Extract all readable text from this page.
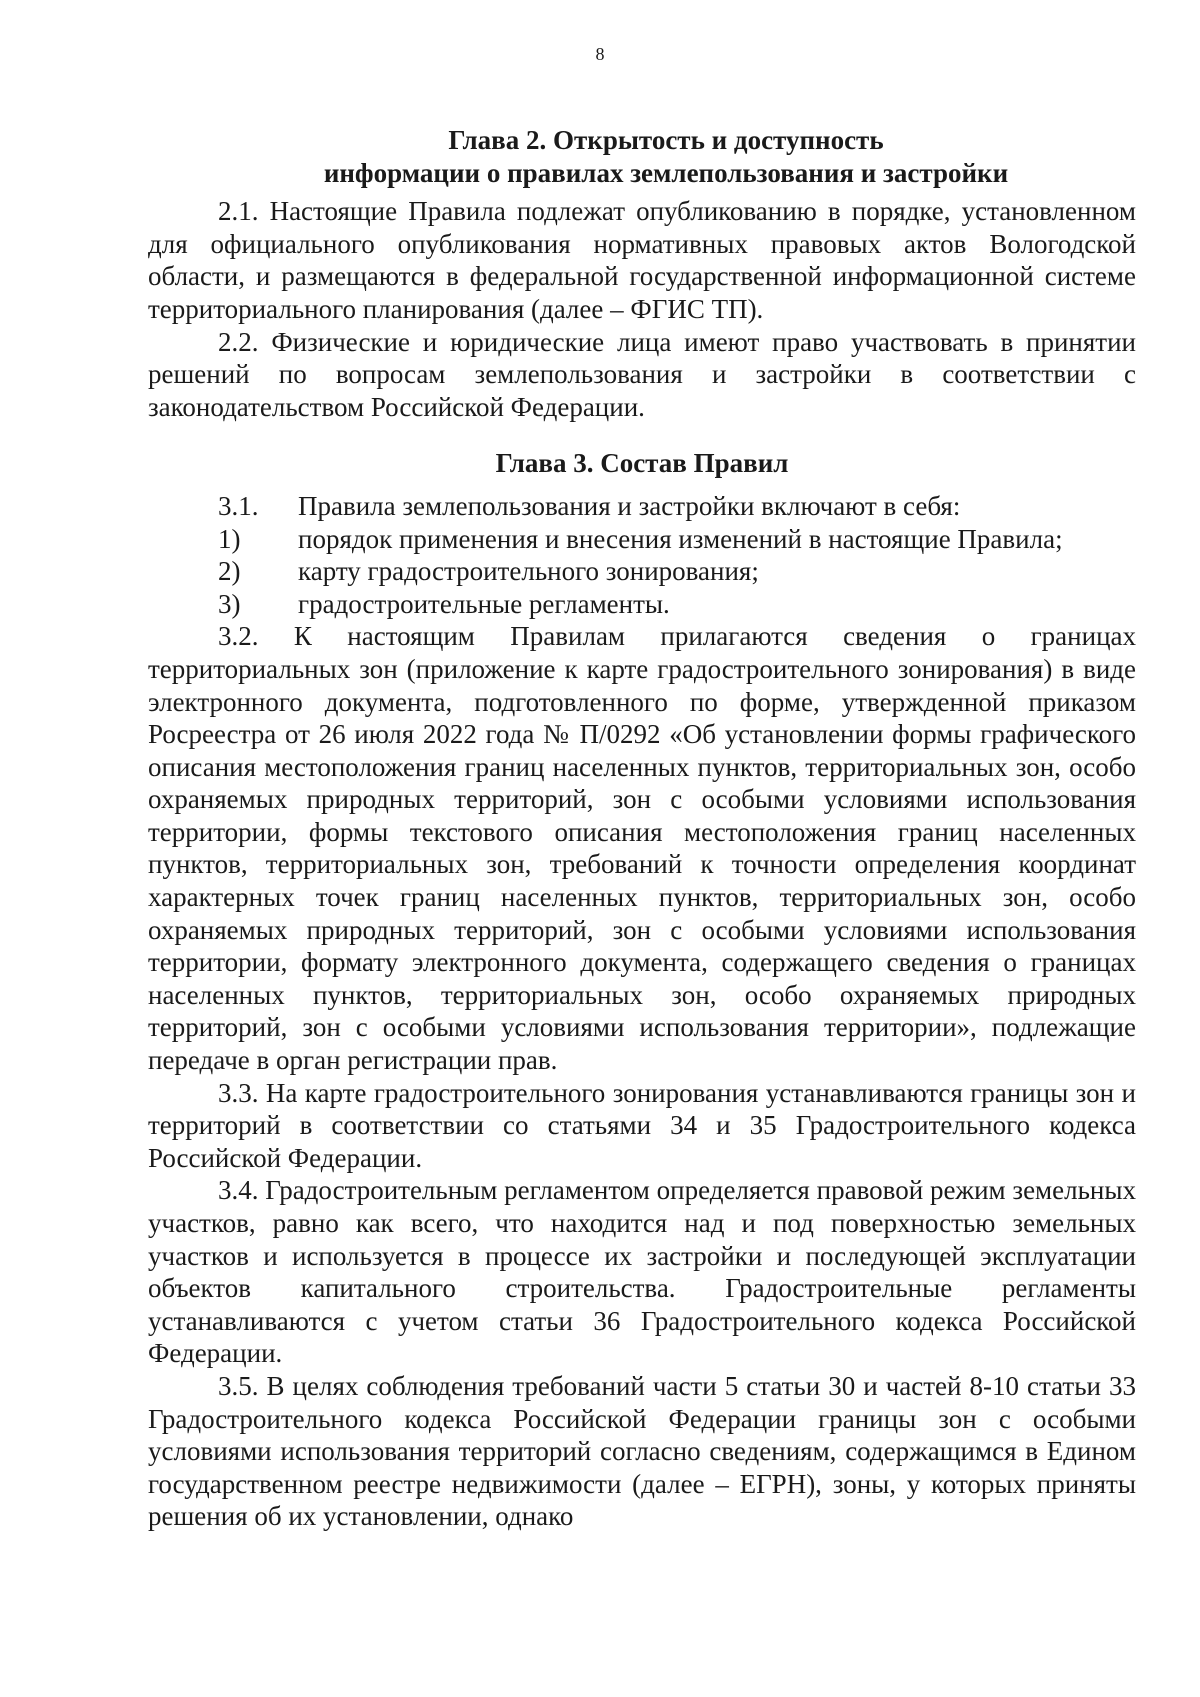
8

Глава 2. Открытость и доступность

информации о правилах землепользования и застройки

2.1. Настоящие Правила подлежат опубликованию в порядке, установленном для официального опубликования нормативных правовых актов Вологодской области, и размещаются в федеральной государственной информационной системе территориального планирования (далее – ФГИС ТП).

2.2. Физические и юридические лица имеют право участвовать в принятии решений по вопросам землепользования и застройки в соответствии с законодательством Российской Федерации.

Глава 3. Состав Правил

3.1. Правила землепользования и застройки включают в себя:

1) порядок применения и внесения изменений в настоящие Правила;

2) карту градостроительного зонирования;

3) градостроительные регламенты.

3.2. К настоящим Правилам прилагаются сведения о границах территориальных зон (приложение к карте градостроительного зонирования) в виде электронного документа, подготовленного по форме, утвержденной приказом Росреестра от 26 июля 2022 года № П/0292 «Об установлении формы графического описания местоположения границ населенных пунктов, территориальных зон, особо охраняемых природных территорий, зон с особыми условиями использования территории, формы текстового описания местоположения границ населенных пунктов, территориальных зон, требований к точности определения координат характерных точек границ населенных пунктов, территориальных зон, особо охраняемых природных территорий, зон с особыми условиями использования территории, формату электронного документа, содержащего сведения о границах населенных пунктов, территориальных зон, особо охраняемых природных территорий, зон с особыми условиями использования территории», подлежащие передаче в орган регистрации прав.

3.3. На карте градостроительного зонирования устанавливаются границы зон и территорий в соответствии со статьями 34 и 35 Градостроительного кодекса Российской Федерации.

3.4. Градостроительным регламентом определяется правовой режим земельных участков, равно как всего, что находится над и под поверхностью земельных участков и используется в процессе их застройки и последующей эксплуатации объектов капитального строительства. Градостроительные регламенты устанавливаются с учетом статьи 36 Градостроительного кодекса Российской Федерации.

3.5. В целях соблюдения требований части 5 статьи 30 и частей 8-10 статьи 33 Градостроительного кодекса Российской Федерации границы зон с особыми условиями использования территорий согласно сведениям, содержащимся в Едином государственном реестре недвижимости (далее – ЕГРН), зоны, у которых приняты решения об их установлении, однако
